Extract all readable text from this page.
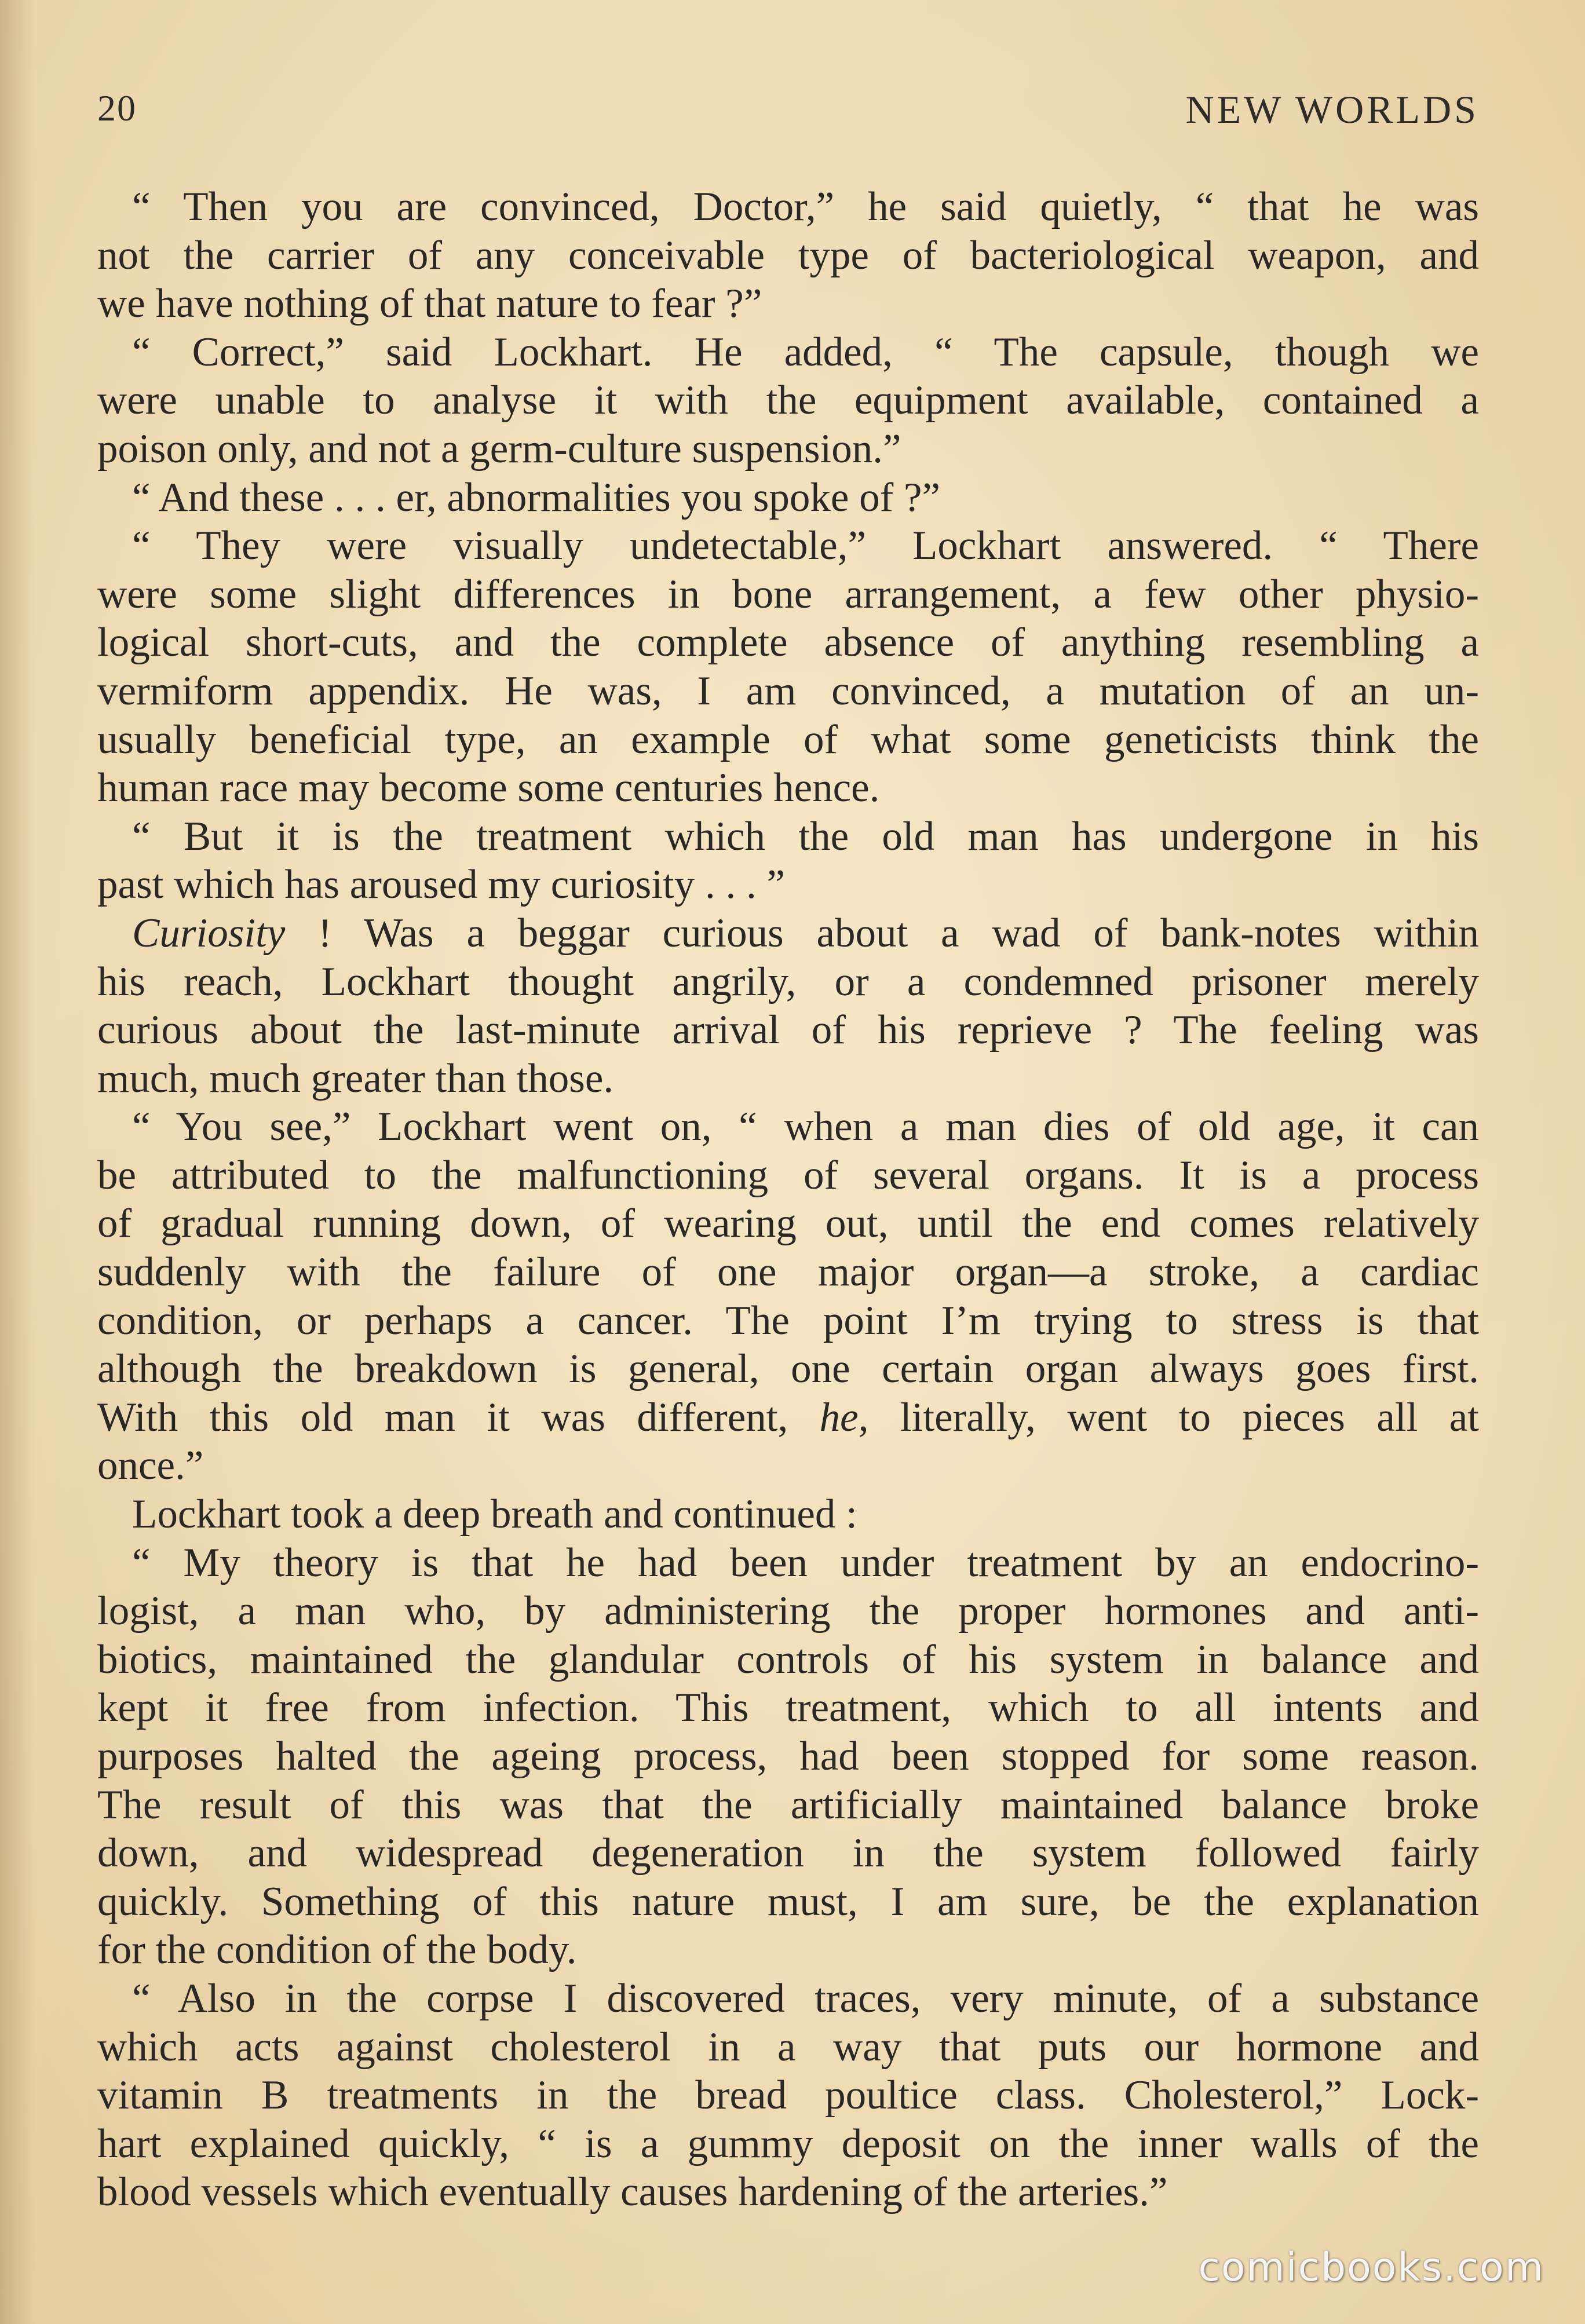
20	NEW WORLDS
“ Then you are convinced, Doctor,” he said quietly, “ that he was
not the carrier of any conceivable type of bacteriological weapon, and
we have nothing of that nature to fear ?”
“ Correct,” said Lockhart. He added, “ The capsule, though we
were unable to analyse it with the equipment available, contained a
poison only, and not a germ-culture suspension.”
“ And these . . . er, abnormalities you spoke of ?”
“ They were visually undetectable,” Lockhart answered. “ There
were some slight differences in bone arrangement, a few other physio-
logical short-cuts, and the complete absence of anything resembling a
vermiform appendix. He was, I am convinced, a mutation of an un-
usually beneficial type, an example of what some geneticists think the
human race may become some centuries hence.
“ But it is the treatment which the old man has undergone in his
past which has aroused my curiosity . . . ”
Curiosity ! Was a beggar curious about a wad of bank-notes within
his reach, Lockhart thought angrily, or a condemned prisoner merely
curious about the last-minute arrival of his reprieve ? The feeling was
much, much greater than those.
“ You see,” Lockhart went on, “ when a man dies of old age, it can
be attributed to the malfunctioning of several organs. It is a process
of gradual running down, of wearing out, until the end comes relatively
suddenly with the failure of one major organ—a stroke, a cardiac
condition, or perhaps a cancer. The point I’m trying to stress is that
although the breakdown is general, one certain organ always goes first.
With this old man it was different, he, literally, went to pieces all at
once.”
Lockhart took a deep breath and continued :
“ My theory is that he had been under treatment by an endocrino-
logist, a man who, by administering the proper hormones and anti-
biotics, maintained the glandular controls of his system in balance and
kept it free from infection. This treatment, which to all intents and
purposes halted the ageing process, had been stopped for some reason.
The result of this was that the artificially maintained balance broke
down, and widespread degeneration in the system followed fairly
quickly. Something of this nature must, I am sure, be the explanation
for the condition of the body.
“ Also in the corpse I discovered traces, very minute, of a substance
which acts against cholesterol in a way that puts our hormone and
vitamin B treatments in the bread poultice class. Cholesterol,” Lock-
hart explained quickly, “ is a gummy deposit on the inner walls of the
blood vessels which eventually causes hardening of the arteries.”
comicbooks.com
